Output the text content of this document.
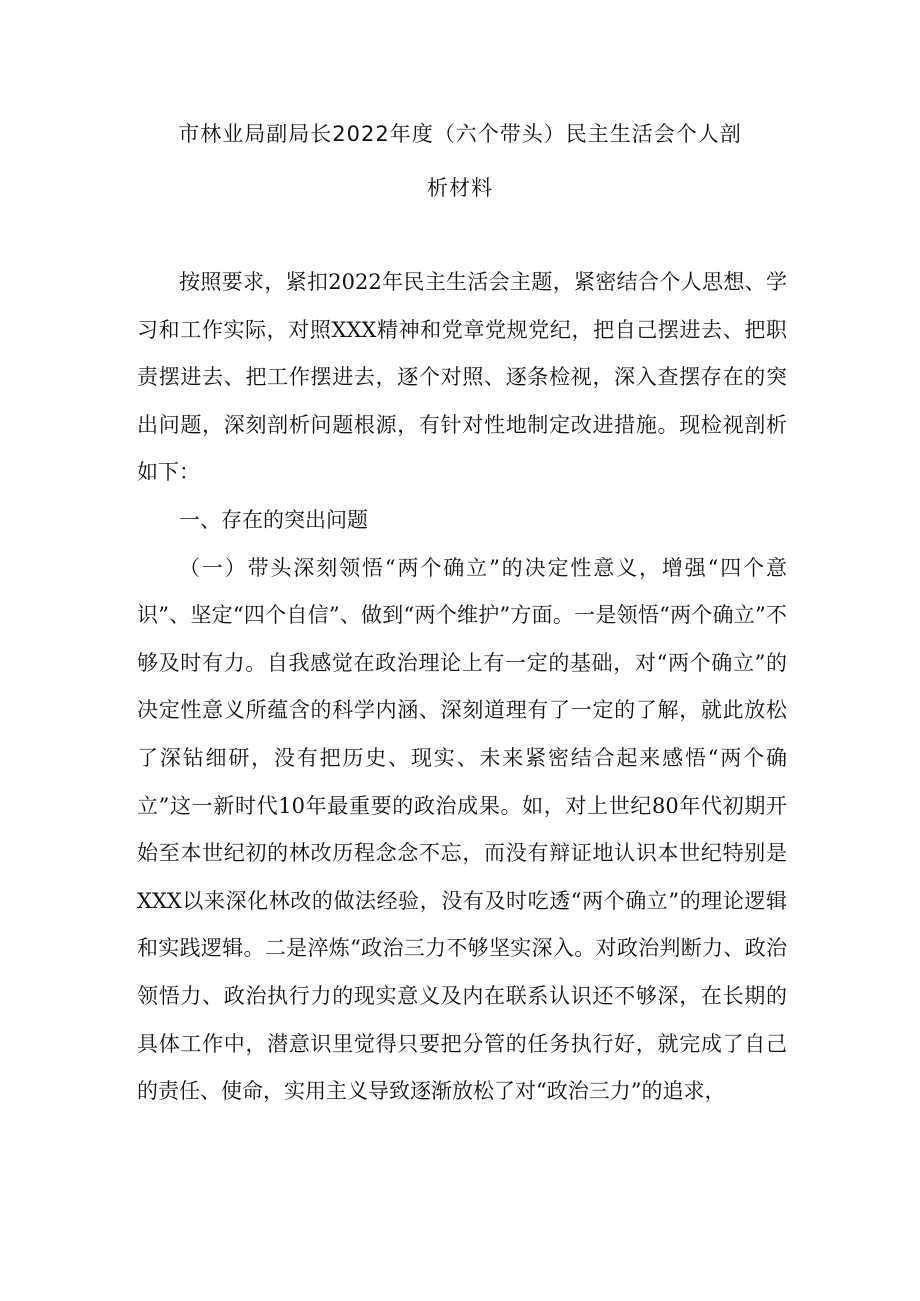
市林业局副局长2022年度（六个带头）民主生活会个人剖
析材料

按照要求，紧扣2022年民主生活会主题，紧密结合个人思想、学习和工作实际，对照XXX精神和党章党规党纪，把自己摆进去、把职责摆进去、把工作摆进去，逐个对照、逐条检视，深入查摆存在的突出问题，深刻剖析问题根源，有针对性地制定改进措施。现检视剖析如下：

一、存在的突出问题

（一）带头深刻领悟“两个确立”的决定性意义，增强“四个意识”、坚定“四个自信”、做到“两个维护”方面。一是领悟“两个确立”不够及时有力。自我感觉在政治理论上有一定的基础，对“两个确立”的决定性意义所蕴含的科学内涵、深刻道理有了一定的了解，就此放松了深钻细研，没有把历史、现实、未来紧密结合起来感悟“两个确立”这一新时代10年最重要的政治成果。如，对上世纪80年代初期开始至本世纪初的林改历程念念不忘，而没有辩证地认识本世纪特别是XXX以来深化林改的做法经验，没有及时吃透“两个确立”的理论逻辑和实践逻辑。二是淬炼“政治三力不够坚实深入。对政治判断力、政治领悟力、政治执行力的现实意义及内在联系认识还不够深，在长期的具体工作中，潜意识里觉得只要把分管的任务执行好，就完成了自己的责任、使命，实用主义导致逐渐放松了对“政治三力”的追求，
